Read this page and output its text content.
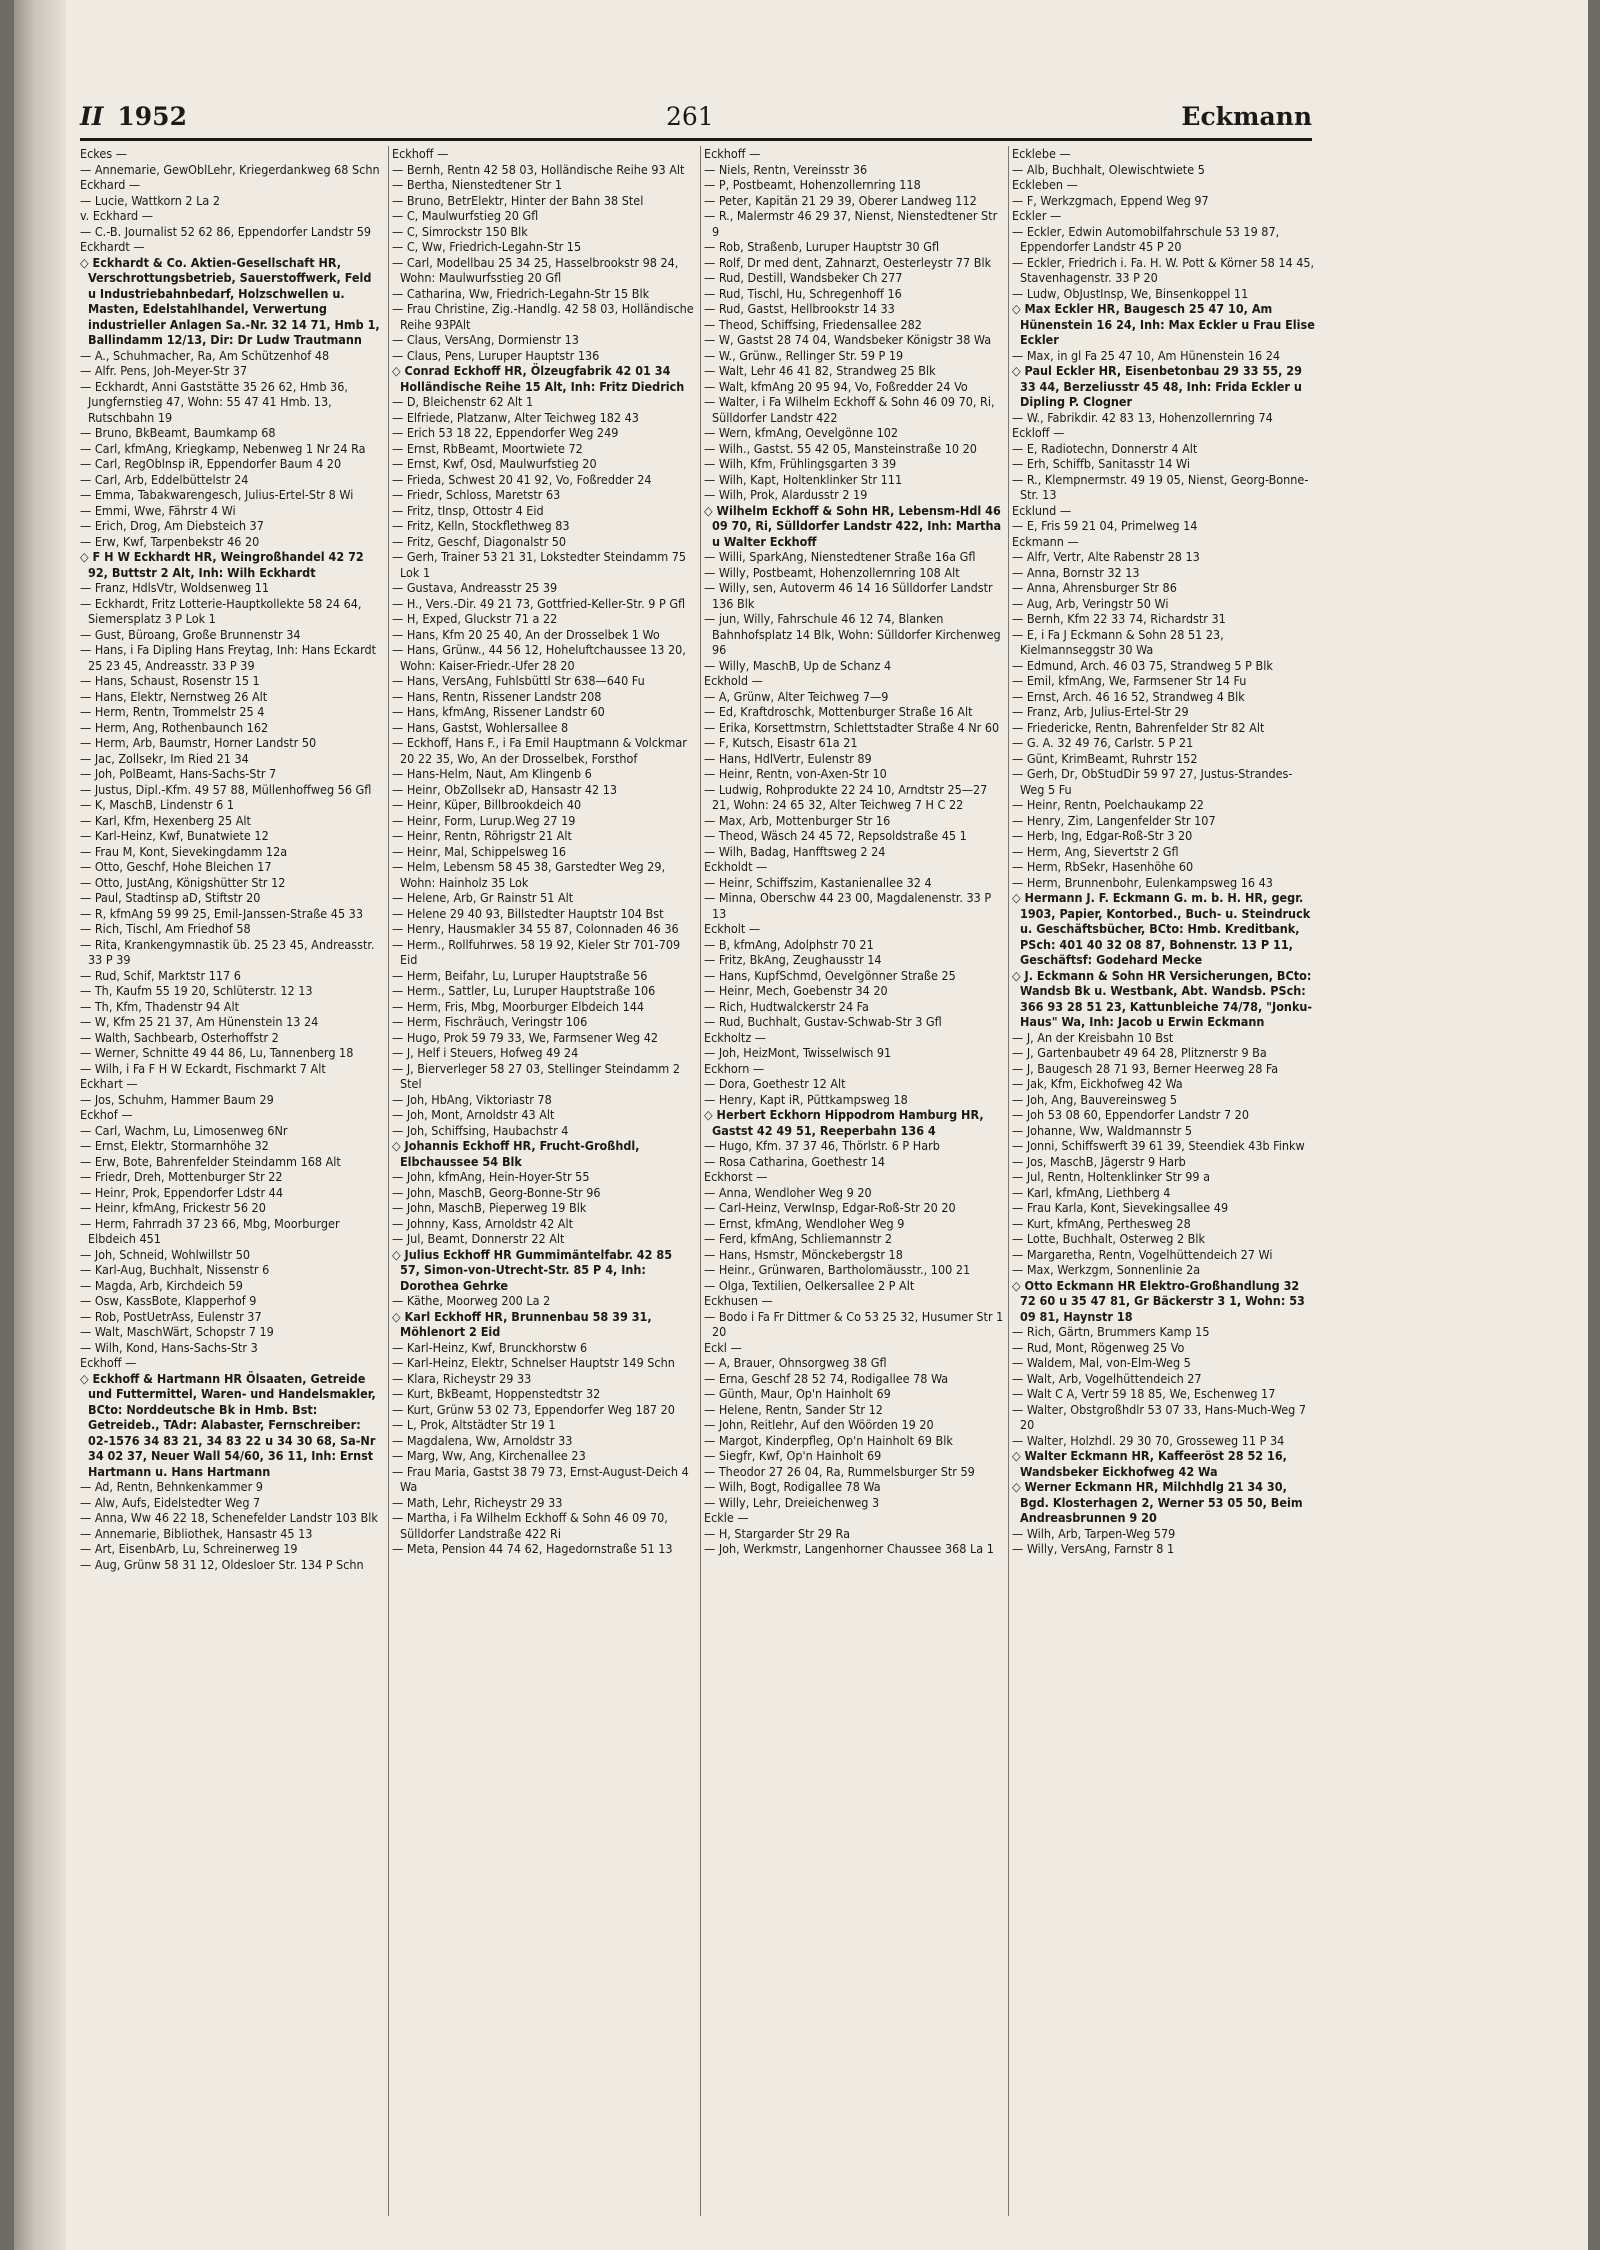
II 1952	261	Eckmann

Eckes —

— Annemarie, GewOblLehr, Kriegerdankweg 68 Schn

Eckhard —

— Lucie, Wattkorn 2 La 2

v. Eckhard —

— C.-B. Journalist 52 62 86, Eppendorfer Landstr 59

Eckhardt —

◇ Eckhardt & Co. Aktien-Gesellschaft HR, Verschrottungsbetrieb, Sauerstoffwerk, Feld u Industriebahnbedarf, Holzschwellen u. Masten, Edelstahlhandel, Verwertung industrieller Anlagen Sa.-Nr. 32 14 71, Hmb 1, Ballindamm 12/13, Dir: Dr Ludw Trautmann

— A., Schuhmacher, Ra, Am Schützenhof 48

— Alfr. Pens, Joh-Meyer-Str 37

— Eckhardt, Anni Gaststätte 35 26 62, Hmb 36, Jungfernstieg 47, Wohn: 55 47 41 Hmb. 13, Rutschbahn 19

— Bruno, BkBeamt, Baumkamp 68

— Carl, kfmAng, Kriegkamp, Nebenweg 1 Nr 24 Ra

— Carl, RegOblnsp iR, Eppendorfer Baum 4 20

— Carl, Arb, Eddelbüttelstr 24

— Emma, Tabakwarengesch, Julius-Ertel-Str 8 Wi

— Emmi, Wwe, Fährstr 4 Wi

— Erich, Drog, Am Diebsteich 37

— Erw, Kwf, Tarpenbekstr 46 20

◇ F H W Eckhardt HR, Weingroßhandel 42 72 92, Buttstr 2 Alt, Inh: Wilh Eckhardt

— Franz, HdlsVtr, Woldsenweg 11

— Eckhardt, Fritz Lotterie-Hauptkollekte 58 24 64, Siemersplatz 3 P Lok 1

— Gust, Büroang, Große Brunnenstr 34

— Hans, i Fa Dipling Hans Freytag, Inh: Hans Eckardt 25 23 45, Andreasstr. 33 P 39

— Hans, Schaust, Rosenstr 15 1

— Hans, Elektr, Nernstweg 26 Alt

— Herm, Rentn, Trommelstr 25 4

— Herm, Ang, Rothenbaunch 162

— Herm, Arb, Baumstr, Horner Landstr 50

— Jac, Zollsekr, Im Ried 21 34

— Joh, PolBeamt, Hans-Sachs-Str 7

— Justus, Dipl.-Kfm. 49 57 88, Müllenhoffweg 56 Gfl

— K, MaschB, Lindenstr 6 1

— Karl, Kfm, Hexenberg 25 Alt

— Karl-Heinz, Kwf, Bunatwiete 12

— Frau M, Kont, Sievekingdamm 12a

— Otto, Geschf, Hohe Bleichen 17

— Otto, JustAng, Königshütter Str 12

— Paul, Stadtinsp aD, Stiftstr 20

— R, kfmAng 59 99 25, Emil-Janssen-Straße 45 33

— Rich, Tischl, Am Friedhof 58

— Rita, Krankengymnastik üb. 25 23 45, Andreasstr. 33 P 39

— Rud, Schif, Marktstr 117 6

— Th, Kaufm 55 19 20, Schlüterstr. 12 13

— Th, Kfm, Thadenstr 94 Alt

— W, Kfm 25 21 37, Am Hünenstein 13 24

— Walth, Sachbearb, Osterhoffstr 2

— Werner, Schnitte 49 44 86, Lu, Tannenberg 18

— Wilh, i Fa F H W Eckardt, Fischmarkt 7 Alt

Eckhart —

— Jos, Schuhm, Hammer Baum 29

Eckhof —

— Carl, Wachm, Lu, Limosenweg 6Nr

— Ernst, Elektr, Stormarnhöhe 32

— Erw, Bote, Bahrenfelder Steindamm 168 Alt

— Friedr, Dreh, Mottenburger Str 22

— Heinr, Prok, Eppendorfer Ldstr 44

— Heinr, kfmAng, Frickestr 56 20

— Herm, Fahrradh 37 23 66, Mbg, Moorburger Elbdeich 451

— Joh, Schneid, Wohlwillstr 50

— Karl-Aug, Buchhalt, Nissenstr 6

— Magda, Arb, Kirchdeich 59

— Osw, KassBote, Klapperhof 9

— Rob, PostUetrAss, Eulenstr 37

— Walt, MaschWärt, Schopstr 7 19

— Wilh, Kond, Hans-Sachs-Str 3

Eckhoff —

◇ Eckhoff & Hartmann HR Ölsaaten, Getreide und Futtermittel, Waren- und Handelsmakler, BCto: Norddeutsche Bk in Hmb. Bst: Getreideb., TAdr: Alabaster, Fernschreiber: 02-1576 34 83 21, 34 83 22 u 34 30 68, Sa-Nr 34 02 37, Neuer Wall 54/60, 36 11, Inh: Ernst Hartmann u. Hans Hartmann

— Ad, Rentn, Behnkenkammer 9

— Alw, Aufs, Eidelstedter Weg 7

— Anna, Ww 46 22 18, Schenefelder Landstr 103 Blk

— Annemarie, Bibliothek, Hansastr 45 13

— Art, EisenbArb, Lu, Schreinerweg 19

— Aug, Grünw 58 31 12, Oldesloer Str. 134 P Schn

Eckhoff —

— Bernh, Rentn 42 58 03, Holländische Reihe 93 Alt

— Bertha, Nienstedtener Str 1

— Bruno, BetrElektr, Hinter der Bahn 38 Stel

— C, Maulwurfstieg 20 Gfl

— C, Simrockstr 150 Blk

— C, Ww, Friedrich-Legahn-Str 15

— Carl, Modellbau 25 34 25, Hasselbrookstr 98 24, Wohn: Maulwurfsstieg 20 Gfl

— Catharina, Ww, Friedrich-Legahn-Str 15 Blk

— Frau Christine, Zig.-Handlg. 42 58 03, Holländische Reihe 93PAlt

— Claus, VersAng, Dormienstr 13

— Claus, Pens, Luruper Hauptstr 136

◇ Conrad Eckhoff HR, Ölzeugfabrik 42 01 34 Holländische Reihe 15 Alt, Inh: Fritz Diedrich

— D, Bleichenstr 62 Alt 1

— Elfriede, Platzanw, Alter Teichweg 182 43

— Erich 53 18 22, Eppendorfer Weg 249

— Ernst, RbBeamt, Moortwiete 72

— Ernst, Kwf, Osd, Maulwurfstieg 20

— Frieda, Schwest 20 41 92, Vo, Foßredder 24

— Friedr, Schloss, Maretstr 63

— Fritz, tInsp, Ottostr 4 Eid

— Fritz, Kelln, Stockflethweg 83

— Fritz, Geschf, Diagonalstr 50

— Gerh, Trainer 53 21 31, Lokstedter Steindamm 75 Lok 1

— Gustava, Andreasstr 25 39

— H., Vers.-Dir. 49 21 73, Gottfried-Keller-Str. 9 P Gfl

— H, Exped, Gluckstr 71 a 22

— Hans, Kfm 20 25 40, An der Drosselbek 1 Wo

— Hans, Grünw., 44 56 12, Hoheluftchaussee 13 20, Wohn: Kaiser-Friedr.-Ufer 28 20

— Hans, VersAng, Fuhlsbüttl Str 638—640 Fu

— Hans, Rentn, Rissener Landstr 208

— Hans, kfmAng, Rissener Landstr 60

— Hans, Gastst, Wohlersallee 8

— Eckhoff, Hans F., i Fa Emil Hauptmann & Volckmar 20 22 35, Wo, An der Drosselbek, Forsthof

— Hans-Helm, Naut, Am Klingenb 6

— Heinr, ObZollsekr aD, Hansastr 42 13

— Heinr, Küper, Billbrookdeich 40

— Heinr, Form, Lurup.Weg 27 19

— Heinr, Rentn, Röhrigstr 21 Alt

— Heinr, Mal, Schippelsweg 16

— Helm, Lebensm 58 45 38, Garstedter Weg 29, Wohn: Hainholz 35 Lok

— Helene, Arb, Gr Rainstr 51 Alt

— Helene 29 40 93, Billstedter Hauptstr 104 Bst

— Henry, Hausmakler 34 55 87, Colonnaden 46 36

— Herm., Rollfuhrwes. 58 19 92, Kieler Str 701-709 Eid

— Herm, Beifahr, Lu, Luruper Hauptstraße 56

— Herm., Sattler, Lu, Luruper Hauptstraße 106

— Herm, Fris, Mbg, Moorburger Elbdeich 144

— Herm, Fischräuch, Veringstr 106

— Hugo, Prok 59 79 33, We, Farmsener Weg 42

— J, Helf i Steuers, Hofweg 49 24

— J, Bierverleger 58 27 03, Stellinger Steindamm 2 Stel

— Joh, HbAng, Viktoriastr 78

— Joh, Mont, Arnoldstr 43 Alt

— Joh, Schiffsing, Haubachstr 4

◇ Johannis Eckhoff HR, Frucht-Großhdl, Elbchaussee 54 Blk

— John, kfmAng, Hein-Hoyer-Str 55

— John, MaschB, Georg-Bonne-Str 96

— John, MaschB, Pieperweg 19 Blk

— Johnny, Kass, Arnoldstr 42 Alt

— Jul, Beamt, Donnerstr 22 Alt

◇ Julius Eckhoff HR Gummimäntelfabr. 42 85 57, Simon-von-Utrecht-Str. 85 P 4, Inh: Dorothea Gehrke

— Käthe, Moorweg 200 La 2

◇ Karl Eckhoff HR, Brunnenbau 58 39 31, Möhlenort 2 Eid

— Karl-Heinz, Kwf, Brunckhorstw 6

— Karl-Heinz, Elektr, Schnelser Hauptstr 149 Schn

— Klara, Richeystr 29 33

— Kurt, BkBeamt, Hoppenstedtstr 32

— Kurt, Grünw 53 02 73, Eppendorfer Weg 187 20

— L, Prok, Altstädter Str 19 1

— Magdalena, Ww, Arnoldstr 33

— Marg, Ww, Ang, Kirchenallee 23

— Frau Maria, Gastst 38 79 73, Ernst-August-Deich 4 Wa

— Math, Lehr, Richeystr 29 33

— Martha, i Fa Wilhelm Eckhoff & Sohn 46 09 70, Sülldorfer Landstraße 422 Ri

— Meta, Pension 44 74 62, Hagedornstraße 51 13

Eckhoff —

— Niels, Rentn, Vereinsstr 36

— P, Postbeamt, Hohenzollernring 118

— Peter, Kapitän 21 29 39, Oberer Landweg 112

— R., Malermstr 46 29 37, Nienst, Nienstedtener Str 9

— Rob, Straßenb, Luruper Hauptstr 30 Gfl

— Rolf, Dr med dent, Zahnarzt, Oesterleystr 77 Blk

— Rud, Destill, Wandsbeker Ch 277

— Rud, Tischl, Hu, Schregenhoff 16

— Rud, Gastst, Hellbrookstr 14 33

— Theod, Schiffsing, Friedensallee 282

— W, Gastst 28 74 04, Wandsbeker Königstr 38 Wa

— W., Grünw., Rellinger Str. 59 P 19

— Walt, Lehr 46 41 82, Strandweg 25 Blk

— Walt, kfmAng 20 95 94, Vo, Foßredder 24 Vo

— Walter, i Fa Wilhelm Eckhoff & Sohn 46 09 70, Ri, Sülldorfer Landstr 422

— Wern, kfmAng, Oevelgönne 102

— Wilh., Gastst. 55 42 05, Mansteinstraße 10 20

— Wilh, Kfm, Frühlingsgarten 3 39

— Wilh, Kapt, Holtenklinker Str 111

— Wilh, Prok, Alardusstr 2 19

◇ Wilhelm Eckhoff & Sohn HR, Lebensm-Hdl 46 09 70, Ri, Sülldorfer Landstr 422, Inh: Martha u Walter Eckhoff

— Willi, SparkAng, Nienstedtener Straße 16a Gfl

— Willy, Postbeamt, Hohenzollernring 108 Alt

— Willy, sen, Autoverm 46 14 16 Sülldorfer Landstr 136 Blk

— jun, Willy, Fahrschule 46 12 74, Blanken Bahnhofsplatz 14 Blk, Wohn: Sülldorfer Kirchenweg 96

— Willy, MaschB, Up de Schanz 4

Eckhold —

— A, Grünw, Alter Teichweg 7—9

— Ed, Kraftdroschk, Mottenburger Straße 16 Alt

— Erika, Korsettmstrn, Schlettstadter Straße 4 Nr 60

— F, Kutsch, Eisastr 61a 21

— Hans, HdlVertr, Eulenstr 89

— Heinr, Rentn, von-Axen-Str 10

— Ludwig, Rohprodukte 22 24 10, Arndtstr 25—27 21, Wohn: 24 65 32, Alter Teichweg 7 H C 22

— Max, Arb, Mottenburger Str 16

— Theod, Wäsch 24 45 72, Repsoldstraße 45 1

— Wilh, Badag, Hanfftsweg 2 24

Eckholdt —

— Heinr, Schiffszim, Kastanienallee 32 4

— Minna, Oberschw 44 23 00, Magdalenenstr. 33 P 13

Eckholt —

— B, kfmAng, Adolphstr 70 21

— Fritz, BkAng, Zeughausstr 14

— Hans, KupfSchmd, Oevelgönner Straße 25

— Heinr, Mech, Goebenstr 34 20

— Rich, Hudtwalckerstr 24 Fa

— Rud, Buchhalt, Gustav-Schwab-Str 3 Gfl

Eckholtz —

— Joh, HeizMont, Twisselwisch 91

Eckhorn —

— Dora, Goethestr 12 Alt

— Henry, Kapt iR, Püttkampsweg 18

◇ Herbert Eckhorn Hippodrom Hamburg HR, Gastst 42 49 51, Reeperbahn 136 4

— Hugo, Kfm. 37 37 46, Thörlstr. 6 P Harb

— Rosa Catharina, Goethestr 14

Eckhorst —

— Anna, Wendloher Weg 9 20

— Carl-Heinz, VerwInsp, Edgar-Roß-Str 20 20

— Ernst, kfmAng, Wendloher Weg 9

— Ferd, kfmAng, Schliemannstr 2

— Hans, Hsmstr, Mönckebergstr 18

— Heinr., Grünwaren, Bartholomäusstr., 100 21

— Olga, Textilien, Oelkersallee 2 P Alt

Eckhusen —

— Bodo i Fa Fr Dittmer & Co 53 25 32, Husumer Str 1 20

Eckl —

— A, Brauer, Ohnsorgweg 38 Gfl

— Erna, Geschf 28 52 74, Rodigallee 78 Wa

— Günth, Maur, Op'n Hainholt 69

— Helene, Rentn, Sander Str 12

— John, Reitlehr, Auf den Wöörden 19 20

— Margot, Kinderpfleg, Op'n Hainholt 69 Blk

— Siegfr, Kwf, Op'n Hainholt 69

— Theodor 27 26 04, Ra, Rummelsburger Str 59

— Wilh, Bogt, Rodigallee 78 Wa

— Willy, Lehr, Dreieichenweg 3

Eckle —

— H, Stargarder Str 29 Ra

— Joh, Werkmstr, Langenhorner Chaussee 368 La 1

Ecklebe —

— Alb, Buchhalt, Olewischtwiete 5

Eckleben —

— F, Werkzgmach, Eppend Weg 97

Eckler —

— Eckler, Edwin Automobilfahrschule 53 19 87, Eppendorfer Landstr 45 P 20

— Eckler, Friedrich i. Fa. H. W. Pott & Körner 58 14 45, Stavenhagenstr. 33 P 20

— Ludw, ObJustInsp, We, Binsenkoppel 11

◇ Max Eckler HR, Baugesch 25 47 10, Am Hünenstein 16 24, Inh: Max Eckler u Frau Elise Eckler

— Max, in gl Fa 25 47 10, Am Hünenstein 16 24

◇ Paul Eckler HR, Eisenbetonbau 29 33 55, 29 33 44, Berzeliusstr 45 48, Inh: Frida Eckler u Dipling P. Clogner

— W., Fabrikdir. 42 83 13, Hohenzollernring 74

Eckloff —

— E, Radiotechn, Donnerstr 4 Alt

— Erh, Schiffb, Sanitasstr 14 Wi

— R., Klempnermstr. 49 19 05, Nienst, Georg-Bonne-Str. 13

Ecklund —

— E, Fris 59 21 04, Primelweg 14

Eckmann —

— Alfr, Vertr, Alte Rabenstr 28 13

— Anna, Bornstr 32 13

— Anna, Ahrensburger Str 86

— Aug, Arb, Veringstr 50 Wi

— Bernh, Kfm 22 33 74, Richardstr 31

— E, i Fa J Eckmann & Sohn 28 51 23, Kielmannseggstr 30 Wa

— Edmund, Arch. 46 03 75, Strandweg 5 P Blk

— Emil, kfmAng, We, Farmsener Str 14 Fu

— Ernst, Arch. 46 16 52, Strandweg 4 Blk

— Franz, Arb, Julius-Ertel-Str 29

— Friedericke, Rentn, Bahrenfelder Str 82 Alt

— G. A. 32 49 76, Carlstr. 5 P 21

— Günt, KrimBeamt, Ruhrstr 152

— Gerh, Dr, ObStudDir 59 97 27, Justus-Strandes-Weg 5 Fu

— Heinr, Rentn, Poelchaukamp 22

— Henry, Zim, Langenfelder Str 107

— Herb, Ing, Edgar-Roß-Str 3 20

— Herm, Ang, Sievertstr 2 Gfl

— Herm, RbSekr, Hasenhöhe 60

— Herm, Brunnenbohr, Eulenkampsweg 16 43

◇ Hermann J. F. Eckmann G. m. b. H. HR, gegr. 1903, Papier, Kontorbed., Buch- u. Steindruck u. Geschäftsbücher, BCto: Hmb. Kreditbank, PSch: 401 40 32 08 87, Bohnenstr. 13 P 11, Geschäftsf: Godehard Mecke

◇ J. Eckmann & Sohn HR Versicherungen, BCto: Wandsb Bk u. Westbank, Abt. Wandsb. PSch: 366 93 28 51 23, Kattunbleiche 74/78, "Jonku-Haus" Wa, Inh: Jacob u Erwin Eckmann

— J, An der Kreisbahn 10 Bst

— J, Gartenbaubetr 49 64 28, Plitznerstr 9 Ba

— J, Baugesch 28 71 93, Berner Heerweg 28 Fa

— Jak, Kfm, Eickhofweg 42 Wa

— Joh, Ang, Bauvereinsweg 5

— Joh 53 08 60, Eppendorfer Landstr 7 20

— Johanne, Ww, Waldmannstr 5

— Jonni, Schiffswerft 39 61 39, Steendiek 43b Finkw

— Jos, MaschB, Jägerstr 9 Harb

— Jul, Rentn, Holtenklinker Str 99 a

— Karl, kfmAng, Liethberg 4

— Frau Karla, Kont, Sievekingsallee 49

— Kurt, kfmAng, Perthesweg 28

— Lotte, Buchhalt, Osterweg 2 Blk

— Margaretha, Rentn, Vogelhüttendeich 27 Wi

— Max, Werkzgm, Sonnenlinie 2a

◇ Otto Eckmann HR Elektro-Großhandlung 32 72 60 u 35 47 81, Gr Bäckerstr 3 1, Wohn: 53 09 81, Haynstr 18

— Rich, Gärtn, Brummers Kamp 15

— Rud, Mont, Rögenweg 25 Vo

— Waldem, Mal, von-Elm-Weg 5

— Walt, Arb, Vogelhüttendeich 27

— Walt C A, Vertr 59 18 85, We, Eschenweg 17

— Walter, Obstgroßhdlr 53 07 33, Hans-Much-Weg 7 20

— Walter, Holzhdl. 29 30 70, Grosseweg 11 P 34

◇ Walter Eckmann HR, Kaffeeröst 28 52 16, Wandsbeker Eickhofweg 42 Wa

◇ Werner Eckmann HR, Milchhdlg 21 34 30, Bgd. Klosterhagen 2, Werner 53 05 50, Beim Andreasbrunnen 9 20

— Wilh, Arb, Tarpen-Weg 579

— Willy, VersAng, Farnstr 8 1
